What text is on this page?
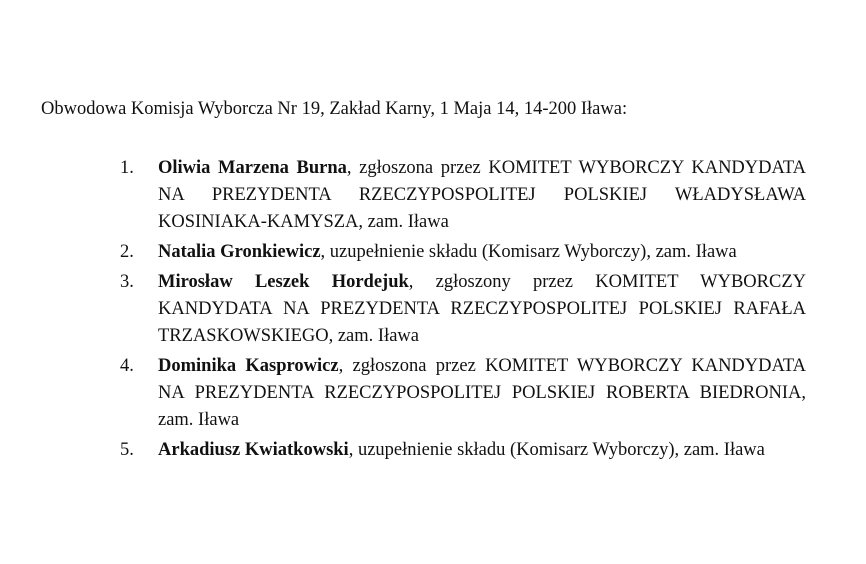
Obwodowa Komisja Wyborcza Nr 19, Zakład Karny, 1 Maja 14, 14-200 Iława:

1.	Oliwia Marzena Burna, zgłoszona przez KOMITET WYBORCZY KANDYDATA NA PREZYDENTA RZECZYPOSPOLITEJ POLSKIEJ WŁADYSŁAWA KOSINIAKA-KAMYSZA, zam. Iława
2.	Natalia Gronkiewicz, uzupełnienie składu (Komisarz Wyborczy), zam. Iława
3.	Mirosław Leszek Hordejuk, zgłoszony przez KOMITET WYBORCZY KANDYDATA NA PREZYDENTA RZECZYPOSPOLITEJ POLSKIEJ RAFAŁA TRZASKOWSKIEGO, zam. Iława
4.	Dominika Kasprowicz, zgłoszona przez KOMITET WYBORCZY KANDYDATA NA PREZYDENTA RZECZYPOSPOLITEJ POLSKIEJ ROBERTA BIEDRONIA, zam. Iława
5.	Arkadiusz Kwiatkowski, uzupełnienie składu (Komisarz Wyborczy), zam. Iława
